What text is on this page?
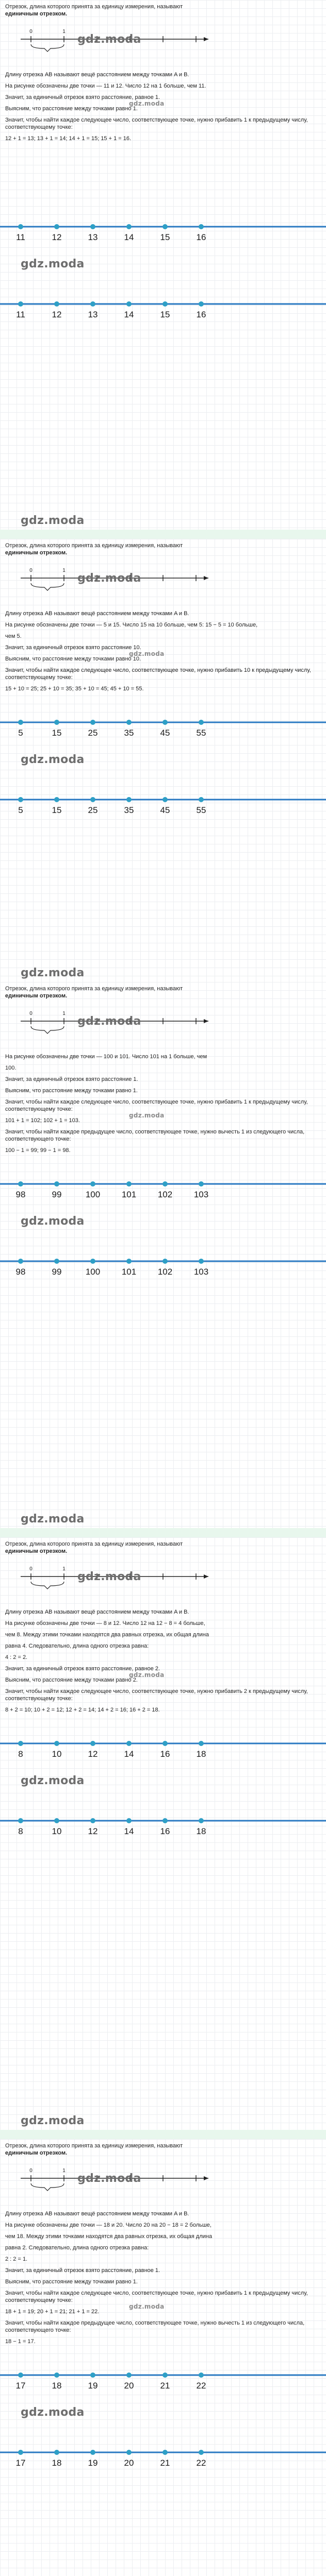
Отрезок, длина которого принята за единицу измерения, называют
единичным отрезком.
0	1
gdz.moda
Длину отрезка AB называют вещё расстоянием между точками A и B.
На рисунке обозначены две точки — 11 и 12. Число 12 на 1 больше, чем 11.
Значит, за единичный отрезок взято расстояние, равное 1.
Выясним, что расстояние между точками равно 1.
Значит, чтобы найти каждое следующее число, соответствующее точке, нужно прибавить 1 к предыдущему числу, соответствующему точке:
12 + 1 = 13; 13 + 1 = 14; 14 + 1 = 15; 15 + 1 = 16.
gdz.moda
11	12	13	14	15	16
gdz.moda
11	12	13	14	15	16
gdz.moda
Отрезок, длина которого принята за единицу измерения, называют
единичным отрезком.
0	1
gdz.moda
Длину отрезка AB называют вещё расстоянием между точками A и B.
На рисунке обозначены две точки — 5 и 15. Число 15 на 10 больше, чем 5: 15 − 5 = 10 больше,
чем 5.
Значит, за единичный отрезок взято расстояние 10.
Выясним, что расстояние между точками равно 10.
Значит, чтобы найти каждое следующее число, соответствующее точке, нужно прибавить 10 к предыдущему числу, соответствующему точке:
15 + 10 = 25; 25 + 10 = 35; 35 + 10 = 45; 45 + 10 = 55.
gdz.moda
5	15	25	35	45	55
gdz.moda
5	15	25	35	45	55
gdz.moda
Отрезок, длина которого принята за единицу измерения, называют
единичным отрезком.
0	1
gdz.moda
На рисунке обозначены две точки — 100 и 101. Число 101 на 1 больше, чем
100.
Значит, за единичный отрезок взято расстояние 1.
Выясним, что расстояние между точками равно 1.
Значит, чтобы найти каждое следующее число, соответствующее точке, нужно прибавить 1 к предыдущему числу, соответствующему точке:
101 + 1 = 102; 102 + 1 = 103.
Значит, чтобы найти каждое предыдущее число, соответствующее точке, нужно вычесть 1 из следующего числа, соответствующего точке:
100 − 1 = 99; 99 − 1 = 98.
gdz.moda
98	99	100 101 102 103
gdz.moda
98	99	100 101 102 103
gdz.moda
Отрезок, длина которого принята за единицу измерения, называют
единичным отрезком.
0	1
gdz.moda
Длину отрезка AB называют вещё расстоянием между точками A и B.
На рисунке обозначены две точки — 8 и 12. Число 12 на 12 − 8 = 4 больше,
чем 8. Между этими точками находятся два равных отрезка, их общая длина
равна 4. Следовательно, длина одного отрезка равна:
4 : 2 = 2.
Значит, за единичный отрезок взято расстояние, равное 2.
Выясним, что расстояние между точками равно 2.
Значит, чтобы найти каждое следующее число, соответствующее точке, нужно прибавить 2 к предыдущему числу, соответствующему точке:
8 + 2 = 10; 10 + 2 = 12; 12 + 2 = 14; 14 + 2 = 16; 16 + 2 = 18.
gdz.moda
8	10	12	14	16	18
gdz.moda
8	10	12	14	16	18
gdz.moda
Отрезок, длина которого принята за единицу измерения, называют
единичным отрезком.
0	1
gdz.moda
Длину отрезка AB называют вещё расстоянием между точками A и B.
На рисунке обозначены две точки — 18 и 20. Число 20 на 20 − 18 = 2 больше,
чем 18. Между этими точками находятся два равных отрезка, их общая длина
равна 2. Следовательно, длина одного отрезка равна:
2 : 2 = 1.
Значит, за единичный отрезок взято расстояние, равное 1.
Выясним, что расстояние между точками равно 1.
Значит, чтобы найти каждое следующее число, соответствующее точке, нужно прибавить 1 к предыдущему числу, соответствующему точке:
18 + 1 = 19; 20 + 1 = 21; 21 + 1 = 22.
Значит, чтобы найти каждое предыдущее число, соответствующее точке, нужно вычесть 1 из следующего числа, соответствующего точке:
18 − 1 = 17.
gdz.moda
17	18	19	20	21	22
gdz.moda
17	18	19	20	21	22
